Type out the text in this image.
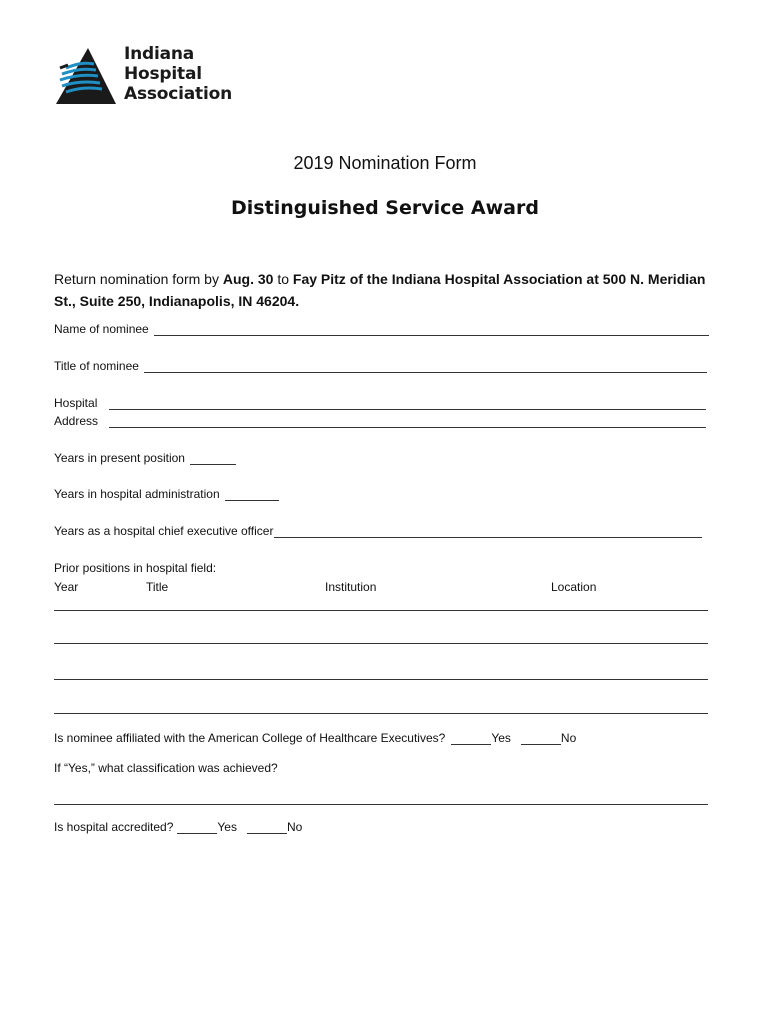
Indiana
Hospital
Association
2019 Nomination Form
Distinguished Service Award
Return nomination form by Aug. 30 to Fay Pitz of the Indiana Hospital Association at 500 N. Meridian St., Suite 250, Indianapolis, IN 46204.
Name of nominee
Title of nominee
Hospital
Address
Years in present position
Years in hospital administration
Years as a hospital chief executive officer
Prior positions in hospital field:
Year	Title	Institution	Location
Is nominee affiliated with the American College of Healthcare Executives?	Yes	No
If “Yes,” what classification was achieved?
Is hospital accredited?	Yes	No
